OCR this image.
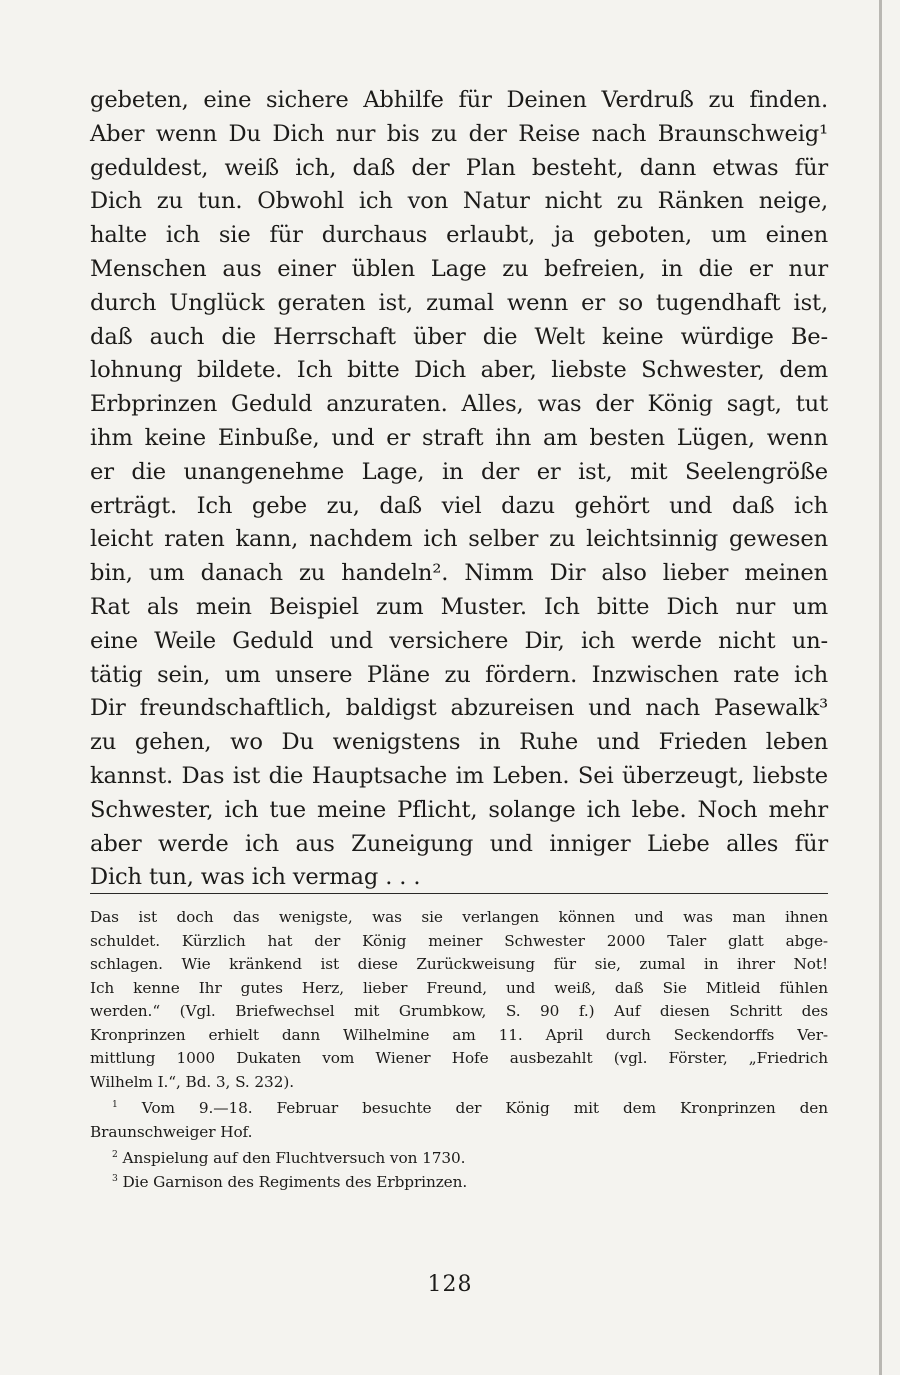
gebeten, eine sichere Abhilfe für Deinen Verdruß zu finden.
Aber wenn Du Dich nur bis zu der Reise nach Braunschweig¹
geduldest, weiß ich, daß der Plan besteht, dann etwas für
Dich zu tun. Obwohl ich von Natur nicht zu Ränken neige,
halte ich sie für durchaus erlaubt, ja geboten, um einen
Menschen aus einer üblen Lage zu befreien, in die er nur
durch Unglück geraten ist, zumal wenn er so tugendhaft ist,
daß auch die Herrschaft über die Welt keine würdige Be-
lohnung bildete. Ich bitte Dich aber, liebste Schwester, dem
Erbprinzen Geduld anzuraten. Alles, was der König sagt, tut
ihm keine Einbuße, und er straft ihn am besten Lügen, wenn
er die unangenehme Lage, in der er ist, mit Seelengröße
erträgt. Ich gebe zu, daß viel dazu gehört und daß ich
leicht raten kann, nachdem ich selber zu leichtsinnig gewesen
bin, um danach zu handeln². Nimm Dir also lieber meinen
Rat als mein Beispiel zum Muster. Ich bitte Dich nur um
eine Weile Geduld und versichere Dir, ich werde nicht un-
tätig sein, um unsere Pläne zu fördern. Inzwischen rate ich
Dir freundschaftlich, baldigst abzureisen und nach Pasewalk³
zu gehen, wo Du wenigstens in Ruhe und Frieden leben
kannst. Das ist die Hauptsache im Leben. Sei überzeugt, liebste
Schwester, ich tue meine Pflicht, solange ich lebe. Noch mehr
aber werde ich aus Zuneigung und inniger Liebe alles für
Dich tun, was ich vermag . . .
Das ist doch das wenigste, was sie verlangen können und was man ihnen
schuldet. Kürzlich hat der König meiner Schwester 2000 Taler glatt abge-
schlagen. Wie kränkend ist diese Zurückweisung für sie, zumal in ihrer Not!
Ich kenne Ihr gutes Herz, lieber Freund, und weiß, daß Sie Mitleid fühlen
werden.“ (Vgl. Briefwechsel mit Grumbkow, S. 90 f.) Auf diesen Schritt des
Kronprinzen erhielt dann Wilhelmine am 11. April durch Seckendorffs Ver-
mittlung 1000 Dukaten vom Wiener Hofe ausbezahlt (vgl. Förster, „Friedrich
Wilhelm I.“, Bd. 3, S. 232).
$^1$ Vom 9.—18. Februar besuchte der König mit dem Kronprinzen den
Braunschweiger Hof.
$^2$ Anspielung auf den Fluchtversuch von 1730.
$^3$ Die Garnison des Regiments des Erbprinzen.
128
